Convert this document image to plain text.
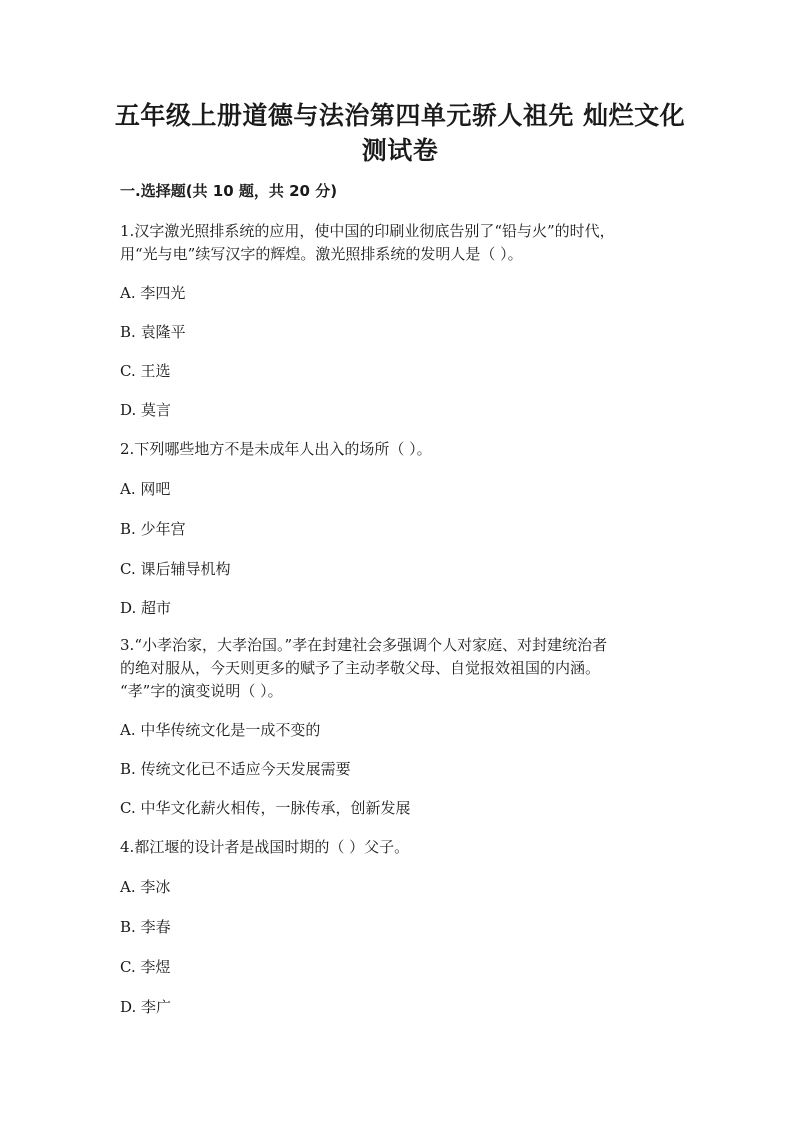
五年级上册道德与法治第四单元骄人祖先 灿烂文化
测试卷
一.选择题(共 10 题，共 20 分)

1 . 汉字激光照排系统的应用，使中国的印刷业彻底告别了“铅与火”的时代，

用“光与电”续写汉字的辉煌。激光照排系统的发明人是（ ）。

A . 李四光

B . 袁隆平

C . 王选

D . 莫言

2 . 下列哪些地方不是未成年人出入的场所（ ）。

A . 网吧

B . 少年宫

C . 课后辅导机构

D . 超市

3 . “小孝治家，大孝治国。”孝在封建社会多强调个人对家庭、对封建统治者

的绝对服从，今天则更多的赋予了主动孝敬父母、自觉报效祖国的内涵。

“孝”字的演变说明（ ）。

A . 中华传统文化是一成不变的

B . 传统文化已不适应今天发展需要

C . 中华文化薪火相传，一脉传承，创新发展

4 . 都江堰的设计者是战国时期的（ ）父子。

A . 李冰

B . 李春

C . 李煜

D . 李广
